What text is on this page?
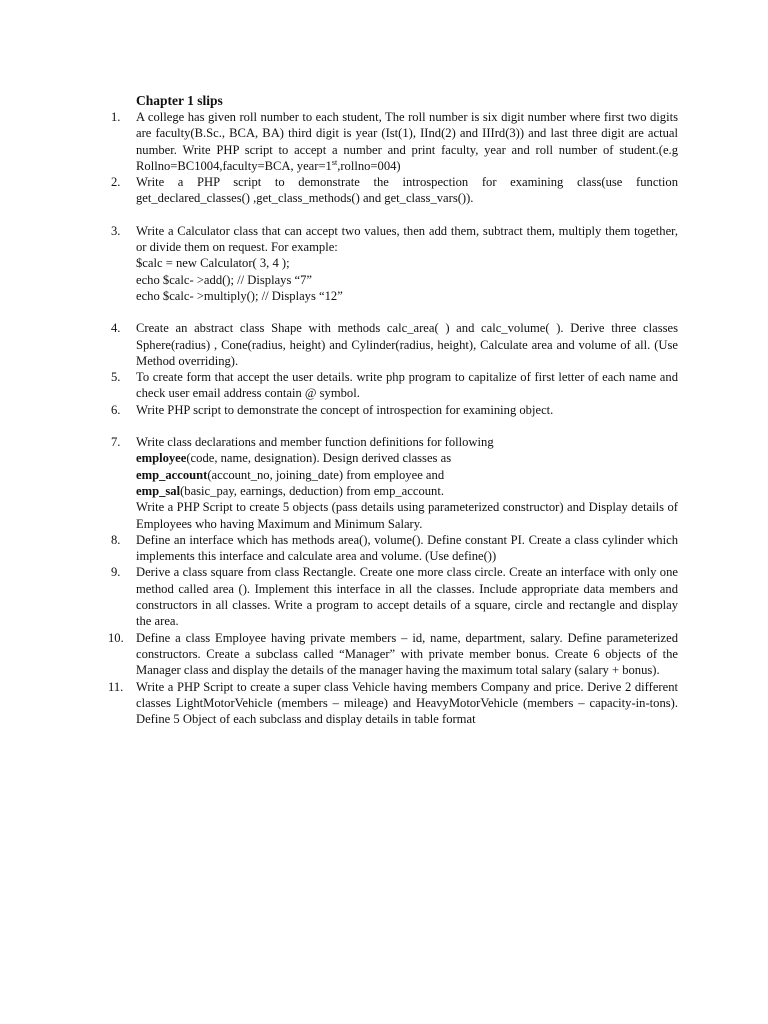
Chapter 1 slips
1. A college has given roll number to each student, The roll number is six digit number where first two digits are faculty(B.Sc., BCA, BA) third digit is year (Ist(1), IInd(2) and IIIrd(3)) and last three digit are actual number. Write PHP script to accept a number and print faculty, year and roll number of student.(e.g Rollno=BC1004,faculty=BCA, year=1st,rollno=004)
2. Write a PHP script to demonstrate the introspection for examining class(use function get_declared_classes() ,get_class_methods() and get_class_vars()).
3. Write a Calculator class that can accept two values, then add them, subtract them, multiply them together, or divide them on request. For example:
$calc = new Calculator( 3, 4 );
echo $calc- >add(); // Displays “7”
echo $calc- >multiply(); // Displays “12”
4. Create an abstract class Shape with methods calc_area( ) and calc_volume( ). Derive three classes Sphere(radius) , Cone(radius, height) and Cylinder(radius, height), Calculate area and volume of all. (Use Method overriding).
5. To create form that accept the user details. write php program to capitalize of first letter of each name and check user email address contain @ symbol.
6. Write PHP script to demonstrate the concept of introspection for examining object.
7. Write class declarations and member function definitions for following
employee(code, name, designation). Design derived classes as
emp_account(account_no, joining_date) from employee and
emp_sal(basic_pay, earnings, deduction) from emp_account.
Write a PHP Script to create 5 objects (pass details using parameterized constructor) and Display details of Employees who having Maximum and Minimum Salary.
8. Define an interface which has methods area(), volume(). Define constant PI. Create a class cylinder which implements this interface and calculate area and volume. (Use define())
9. Derive a class square from class Rectangle. Create one more class circle. Create an interface with only one method called area (). Implement this interface in all the classes. Include appropriate data members and constructors in all classes. Write a program to accept details of a square, circle and rectangle and display the area.
10. Define a class Employee having private members – id, name, department, salary. Define parameterized constructors. Create a subclass called “Manager” with private member bonus. Create 6 objects of the Manager class and display the details of the manager having the maximum total salary (salary + bonus).
11. Write a PHP Script to create a super class Vehicle having members Company and price. Derive 2 different classes LightMotorVehicle (members – mileage) and HeavyMotorVehicle (members – capacity-in-tons). Define 5 Object of each subclass and display details in table format
